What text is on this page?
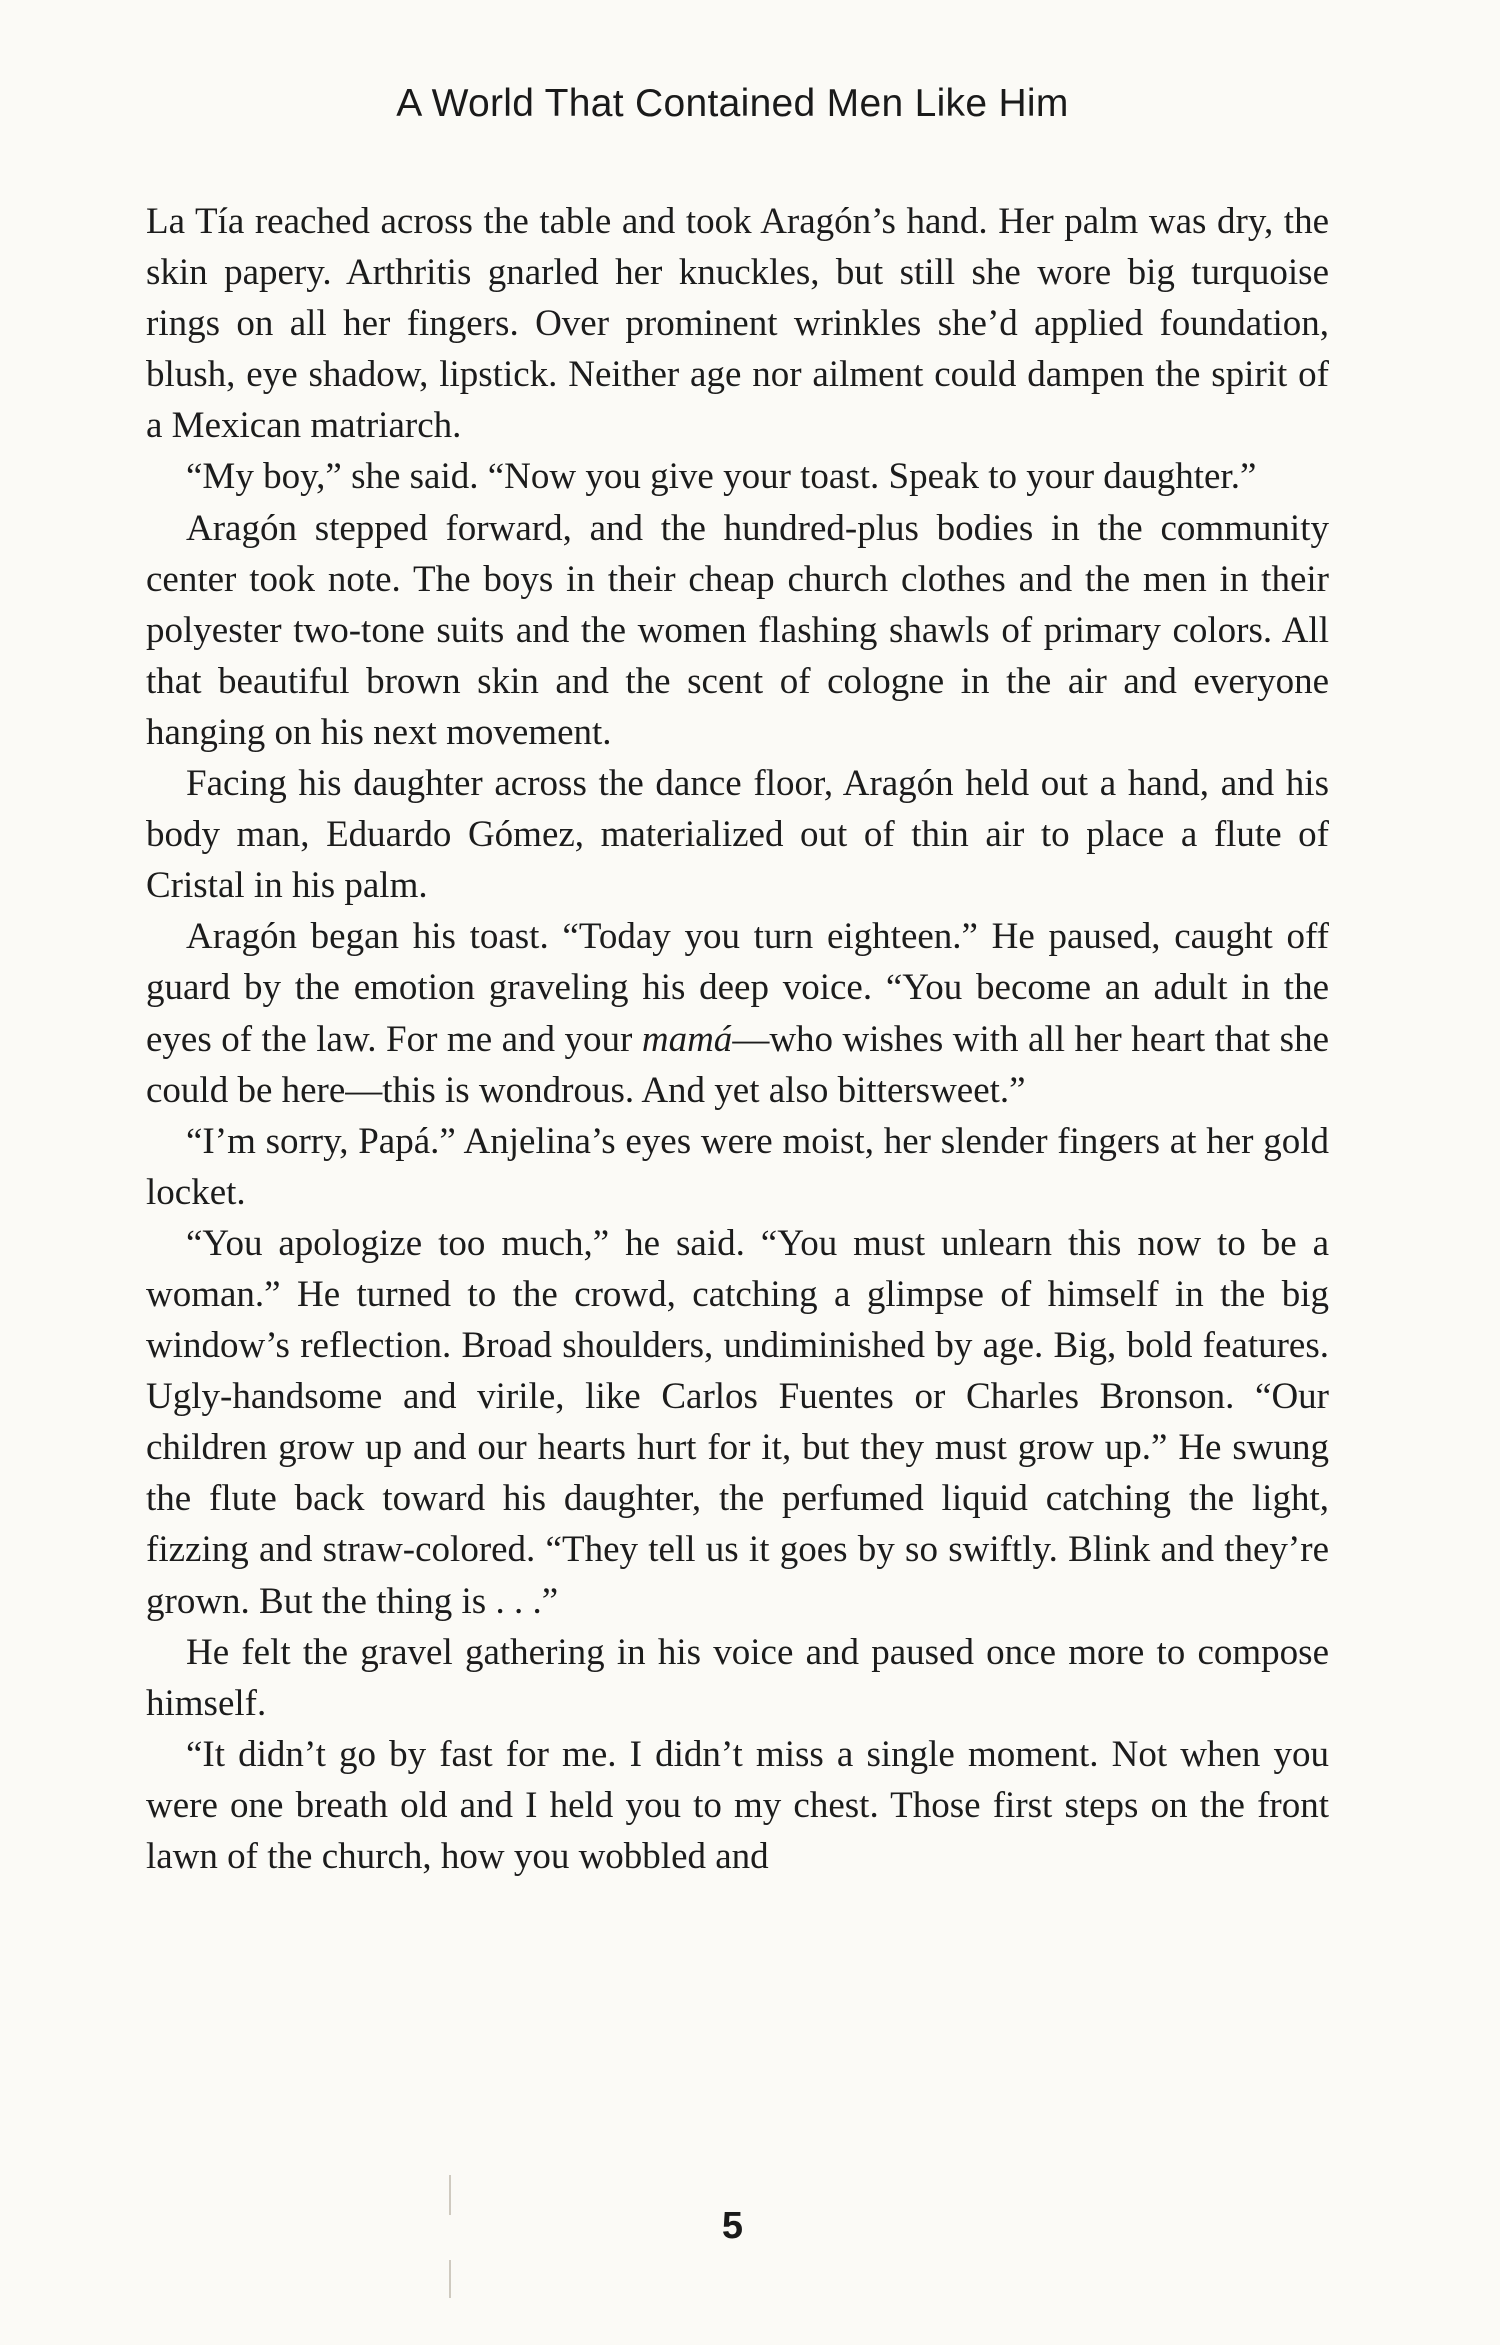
A World That Contained Men Like Him

La Tía reached across the table and took Aragón’s hand. Her palm was dry, the skin papery. Arthritis gnarled her knuckles, but still she wore big turquoise rings on all her fingers. Over prominent wrinkles she’d applied foundation, blush, eye shadow, lipstick. Neither age nor ailment could dampen the spirit of a Mexican matriarch.

“My boy,” she said. “Now you give your toast. Speak to your daughter.”

Aragón stepped forward, and the hundred-plus bodies in the community center took note. The boys in their cheap church clothes and the men in their polyester two-tone suits and the women flashing shawls of primary colors. All that beautiful brown skin and the scent of cologne in the air and everyone hanging on his next movement.

Facing his daughter across the dance floor, Aragón held out a hand, and his body man, Eduardo Gómez, materialized out of thin air to place a flute of Cristal in his palm.

Aragón began his toast. “Today you turn eighteen.” He paused, caught off guard by the emotion graveling his deep voice. “You become an adult in the eyes of the law. For me and your mamá—who wishes with all her heart that she could be here—this is wondrous. And yet also bittersweet.”

“I’m sorry, Papá.” Anjelina’s eyes were moist, her slender fingers at her gold locket.

“You apologize too much,” he said. “You must unlearn this now to be a woman.” He turned to the crowd, catching a glimpse of himself in the big window’s reflection. Broad shoulders, undiminished by age. Big, bold features. Ugly-handsome and virile, like Carlos Fuentes or Charles Bronson. “Our children grow up and our hearts hurt for it, but they must grow up.” He swung the flute back toward his daughter, the perfumed liquid catching the light, fizzing and straw-colored. “They tell us it goes by so swiftly. Blink and they’re grown. But the thing is . . .”

He felt the gravel gathering in his voice and paused once more to compose himself.

“It didn’t go by fast for me. I didn’t miss a single moment. Not when you were one breath old and I held you to my chest. Those first steps on the front lawn of the church, how you wobbled and

5
